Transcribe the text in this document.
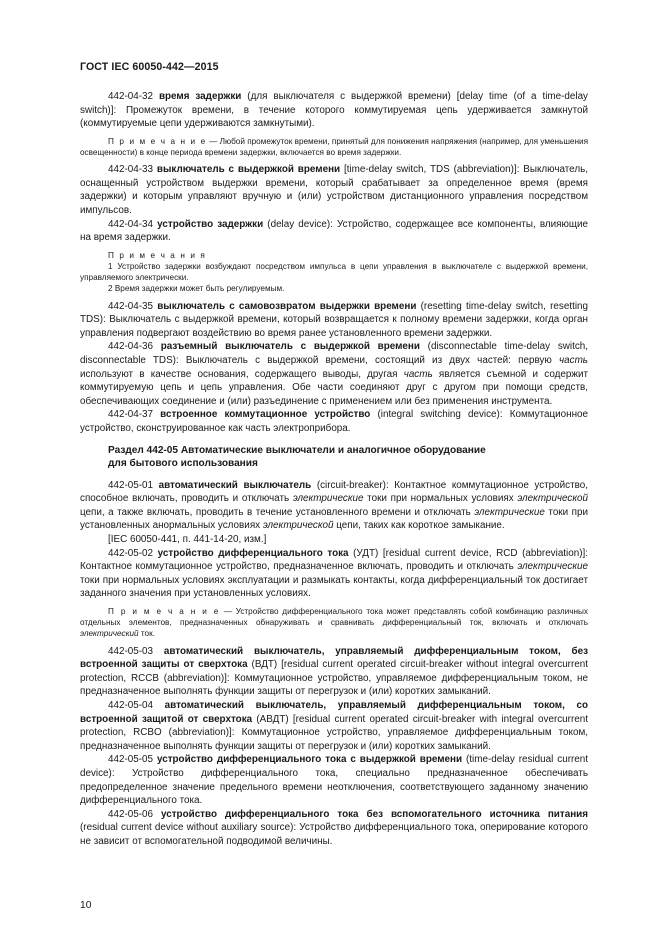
ГОСТ IEC 60050-442—2015

442-04-32 время задержки (для выключателя с выдержкой времени) [delay time (of a time-delay switch)]: Промежуток времени, в течение которого коммутируемая цепь удерживается замкнутой (коммутируемые цепи удерживаются замкнутыми).

П р и м е ч а н и е — Любой промежуток времени, принятый для понижения напряжения (например, для уменьшения освещенности) в конце периода времени задержки, включается во время задержки.

442-04-33 выключатель с выдержкой времени [time-delay switch, TDS (abbreviation)]: Выключатель, оснащенный устройством выдержки времени, который срабатывает за определенное время (время задержки) и которым управляют вручную и (или) устройством дистанционного управления посредством импульсов.

442-04-34 устройство задержки (delay device): Устройство, содержащее все компоненты, влияющие на время задержки.

П р и м е ч а н и я

1 Устройство задержки возбуждают посредством импульса в цепи управления в выключателе с выдержкой времени, управляемого электрически.

2 Время задержки может быть регулируемым.

442-04-35 выключатель с самовозвратом выдержки времени (resetting time-delay switch, resetting TDS): Выключатель с выдержкой времени, который возвращается к полному времени задержки, когда орган управления подвергают воздействию во время ранее установленного времени задержки.

442-04-36 разъемный выключатель с выдержкой времени (disconnectable time-delay switch, disconnectable TDS): Выключатель с выдержкой времени, состоящий из двух частей: первую часть используют в качестве основания, содержащего выводы, другая часть является съемной и содержит коммутируемую цепь и цепь управления. Обе части соединяют друг с другом при помощи средств, обеспечивающих соединение и (или) разъединение с применением или без применения инструмента.

442-04-37 встроенное коммутационное устройство (integral switching device): Коммутационное устройство, сконструированное как часть электроприбора.

Раздел 442-05 Автоматические выключатели и аналогичное оборудование

для бытового использования

442-05-01 автоматический выключатель (circuit-breaker): Контактное коммутационное устройство, способное включать, проводить и отключать электрические токи при нормальных условиях электрической цепи, а также включать, проводить в течение установленного времени и отключать электрические токи при установленных анормальных условиях электрической цепи, таких как короткое замыкание.

[IEC 60050-441, п. 441-14-20, изм.]

442-05-02 устройство дифференциального тока (УДТ) [residual current device, RCD (abbreviation)]: Контактное коммутационное устройство, предназначенное включать, проводить и отключать электрические токи при нормальных условиях эксплуатации и размыкать контакты, когда дифференциальный ток достигает заданного значения при установленных условиях.

П р и м е ч а н и е — Устройство дифференциального тока может представлять собой комбинацию различных отдельных элементов, предназначенных обнаруживать и сравнивать дифференциальный ток, включать и отключать электрический ток.

442-05-03 автоматический выключатель, управляемый дифференциальным током, без встроенной защиты от сверхтока (ВДТ) [residual current operated circuit-breaker without integral overcurrent protection, RCCB (abbreviation)]: Коммутационное устройство, управляемое дифференциальным током, не предназначенное выполнять функции защиты от перегрузок и (или) коротких замыканий.

442-05-04 автоматический выключатель, управляемый дифференциальным током, со встроенной защитой от сверхтока (АВДТ) [residual current operated circuit-breaker with integral overcurrent protection, RCBO (abbreviation)]: Коммутационное устройство, управляемое дифференциальным током, предназначенное выполнять функции защиты от перегрузок и (или) коротких замыканий.

442-05-05 устройство дифференциального тока с выдержкой времени (time-delay residual current device): Устройство дифференциального тока, специально предназначенное обеспечивать предопределенное значение предельного времени неотключения, соответствующего заданному значению дифференциального тока.

442-05-06 устройство дифференциального тока без вспомогательного источника питания (residual current device without auxiliary source): Устройство дифференциального тока, оперирование которого не зависит от вспомогательной подводимой величины.

10
